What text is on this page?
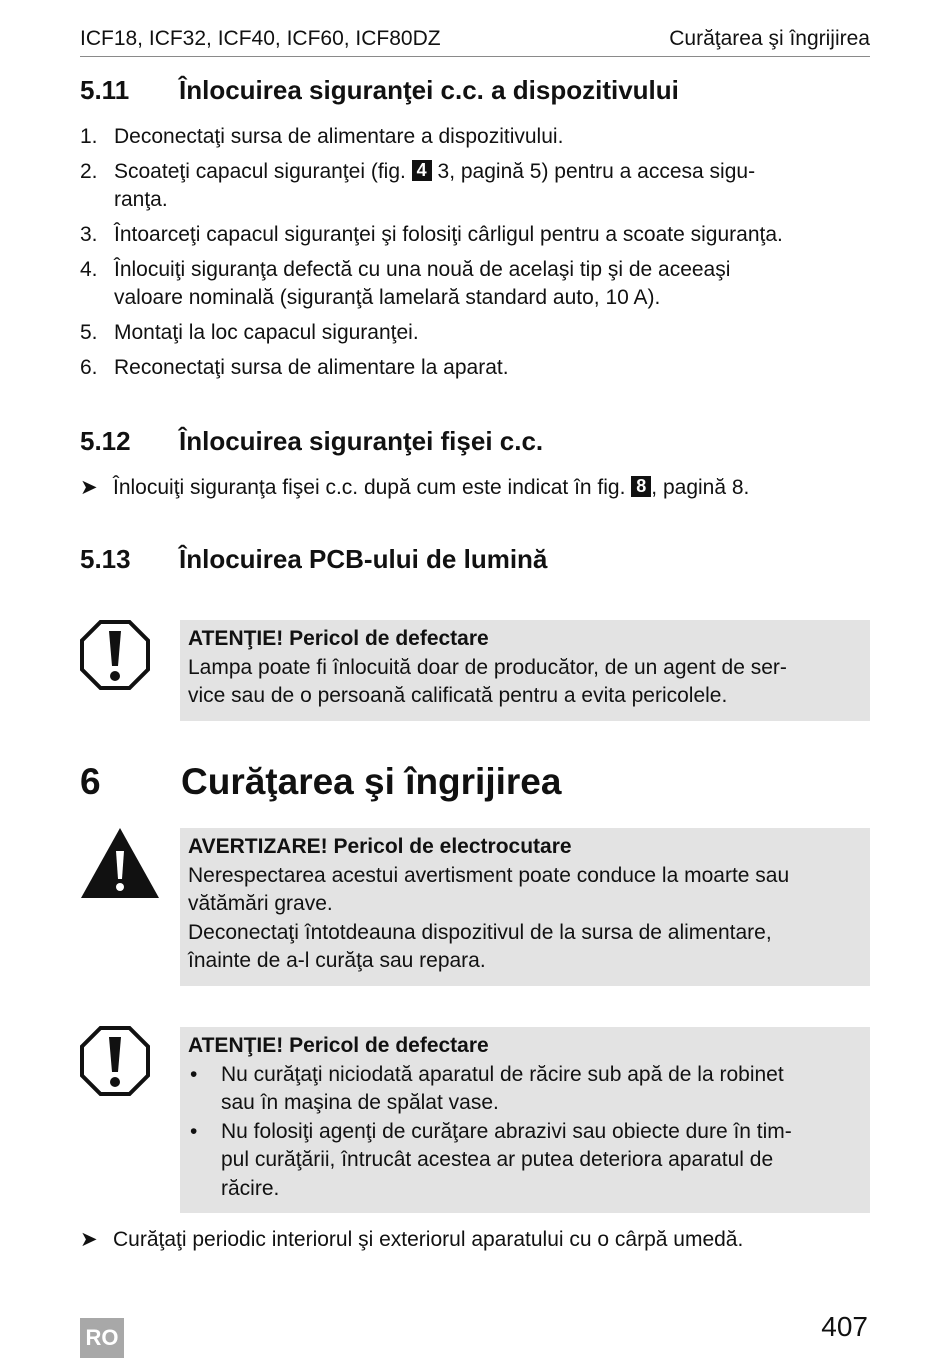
ICF18, ICF32, ICF40, ICF60, ICF80DZ	Curăţarea şi îngrijirea
5.11 Înlocuirea siguranţei c.c. a dispozitivului
1. Deconectaţi sursa de alimentare a dispozitivului.
2. Scoateţi capacul siguranţei (fig. 4 3, pagină 5) pentru a accesa sigu-
ranţa.
3. Întoarceţi capacul siguranţei şi folosiţi cârligul pentru a scoate siguranţa.
4. Înlocuiţi siguranţa defectă cu una nouă de acelaşi tip şi de aceeaşi
valoare nominală (siguranţă lamelară standard auto, 10 A).
5. Montaţi la loc capacul siguranţei.
6. Reconectaţi sursa de alimentare la aparat.
5.12 Înlocuirea siguranţei fişei c.c.
➤ Înlocuiţi siguranţa fişei c.c. după cum este indicat în fig. 8 , pagină 8.
5.13 Înlocuirea PCB-ului de lumină
ATENŢIE! Pericol de defectare
Lampa poate fi înlocuită doar de producător, de un agent de ser-
vice sau de o persoană calificată pentru a evita pericolele.
6 Curăţarea şi îngrijirea
AVERTIZARE! Pericol de electrocutare
Nerespectarea acestui avertisment poate conduce la moarte sau
vătămări grave.
Deconectaţi întotdeauna dispozitivul de la sursa de alimentare,
înainte de a-l curăţa sau repara.
ATENŢIE! Pericol de defectare
• Nu curăţaţi niciodată aparatul de răcire sub apă de la robinet
sau în maşina de spălat vase.
• Nu folosiţi agenţi de curăţare abrazivi sau obiecte dure în tim-
pul curăţării, întrucât acestea ar putea deteriora aparatul de
răcire.
➤ Curăţaţi periodic interiorul şi exteriorul aparatului cu o cârpă umedă.
RO	407
